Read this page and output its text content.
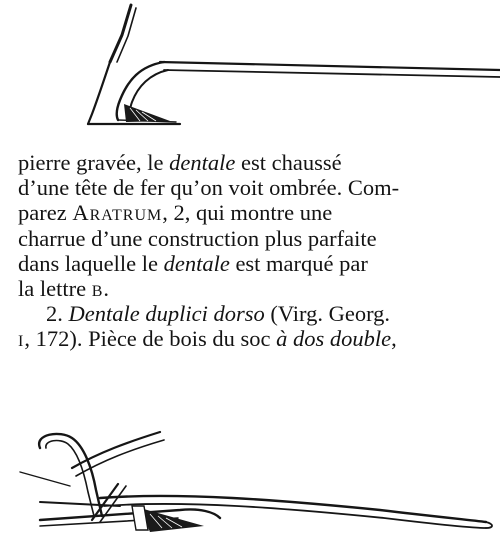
pierre gravée, le dentale est chaussé
d’une tête de fer qu’on voit ombrée. Com-
parez Aratrum, 2, qui montre une
charrue d’une construction plus parfaite
dans laquelle le dentale est marqué par
la lettre b.
2. Dentale duplici dorso (Virg. Georg.
i, 172). Pièce de bois du soc à dos double,
